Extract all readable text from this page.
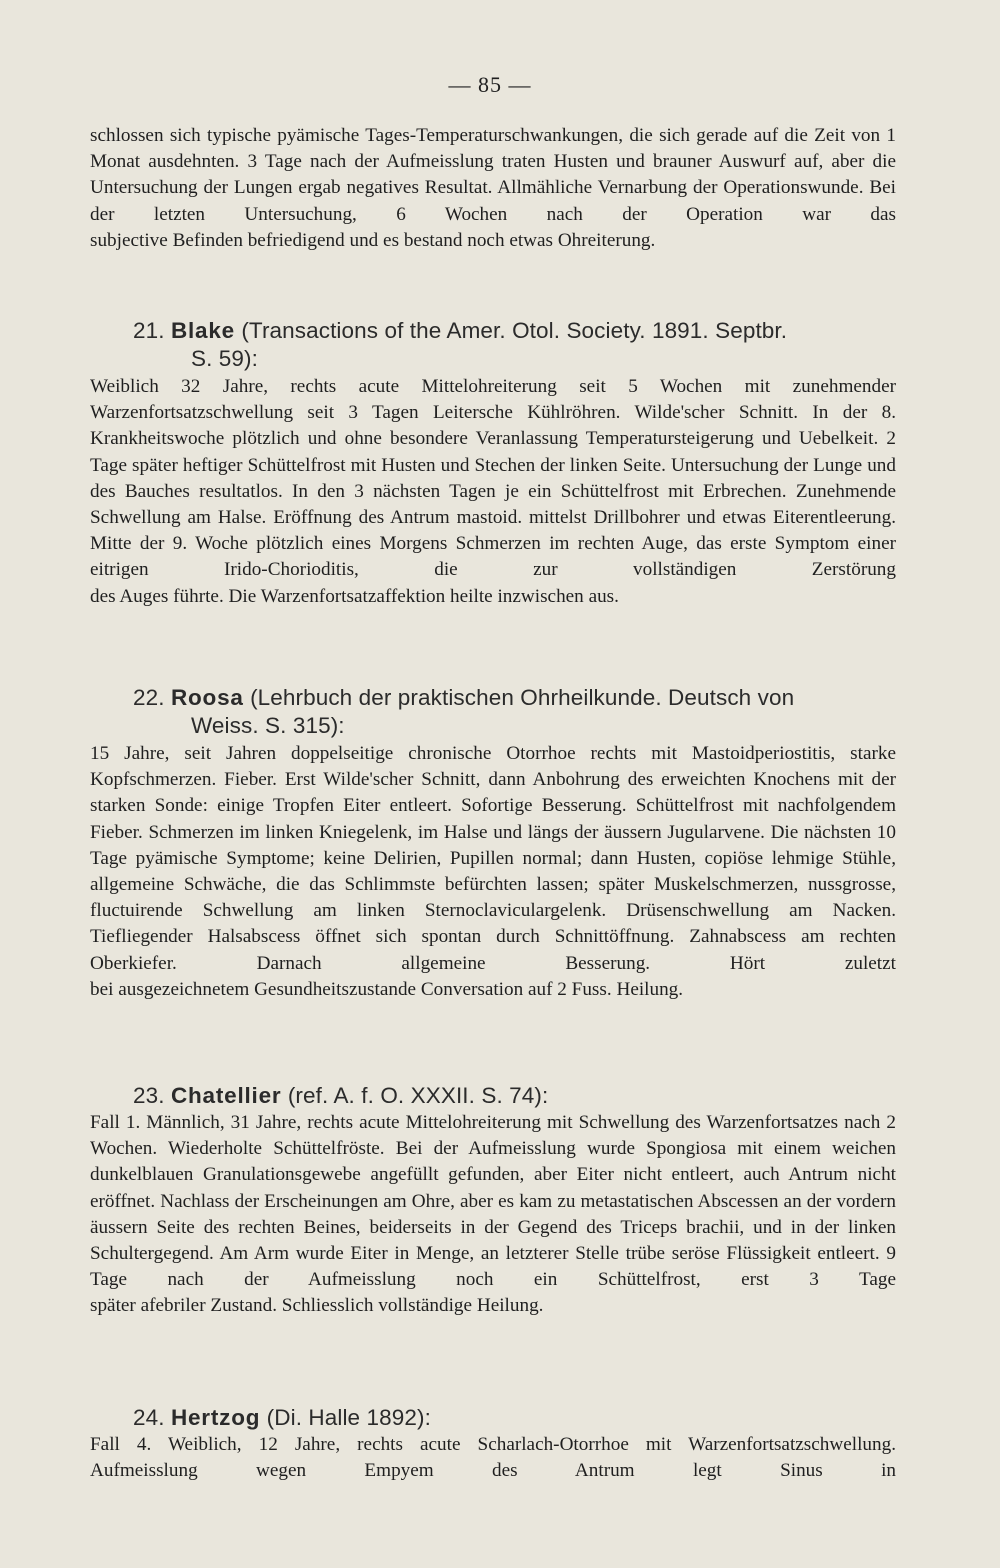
— 85 —
schlossen sich typische pyämische Tages-Temperaturschwankungen, die sich gerade auf die Zeit von 1 Monat ausdehnten. 3 Tage nach der Aufmeisslung traten Husten und brauner Auswurf auf, aber die Untersuchung der Lungen ergab negatives Resultat. Allmähliche Vernarbung der Operationswunde. Bei der letzten Untersuchung, 6 Wochen nach der Operation war das
subjective Befinden befriedigend und es bestand noch etwas Ohreiterung.
21. Blake (Transactions of the Amer. Otol. Society. 1891. Septbr.
S. 59):
Weiblich 32 Jahre, rechts acute Mittelohreiterung seit 5 Wochen mit zunehmender Warzenfortsatzschwellung seit 3 Tagen Leitersche Kühlröhren. Wilde'scher Schnitt. In der 8. Krankheitswoche plötzlich und ohne besondere Veranlassung Temperatursteigerung und Uebelkeit. 2 Tage später heftiger Schüttelfrost mit Husten und Stechen der linken Seite. Untersuchung der Lunge und des Bauches resultatlos. In den 3 nächsten Tagen je ein Schüttelfrost mit Erbrechen. Zunehmende Schwellung am Halse. Eröffnung des Antrum mastoid. mittelst Drillbohrer und etwas Eiterentleerung. Mitte der 9. Woche plötzlich eines Morgens Schmerzen im rechten Auge, das erste Symptom einer eitrigen Irido-Chorioditis, die zur vollständigen Zerstörung
des Auges führte. Die Warzenfortsatzaffektion heilte inzwischen aus.
22. Roosa (Lehrbuch der praktischen Ohrheilkunde. Deutsch von
Weiss. S. 315):
15 Jahre, seit Jahren doppelseitige chronische Otorrhoe rechts mit Mastoidperiostitis, starke Kopfschmerzen. Fieber. Erst Wilde'scher Schnitt, dann Anbohrung des erweichten Knochens mit der starken Sonde: einige Tropfen Eiter entleert. Sofortige Besserung. Schüttelfrost mit nachfolgendem Fieber. Schmerzen im linken Kniegelenk, im Halse und längs der äussern Jugularvene. Die nächsten 10 Tage pyämische Symptome; keine Delirien, Pupillen normal; dann Husten, copiöse lehmige Stühle, allgemeine Schwäche, die das Schlimmste befürchten lassen; später Muskelschmerzen, nussgrosse, fluctuirende Schwellung am linken Sternoclaviculargelenk. Drüsenschwellung am Nacken. Tiefliegender Halsabscess öffnet sich spontan durch Schnittöffnung. Zahnabscess am rechten Oberkiefer. Darnach allgemeine Besserung. Hört zuletzt
bei ausgezeichnetem Gesundheitszustande Conversation auf 2 Fuss. Heilung.
23. Chatellier (ref. A. f. O. XXXII. S. 74):
Fall 1. Männlich, 31 Jahre, rechts acute Mittelohreiterung mit Schwellung des Warzenfortsatzes nach 2 Wochen. Wiederholte Schüttelfröste. Bei der Aufmeisslung wurde Spongiosa mit einem weichen dunkelblauen Granulationsgewebe angefüllt gefunden, aber Eiter nicht entleert, auch Antrum nicht eröffnet. Nachlass der Erscheinungen am Ohre, aber es kam zu metastatischen Abscessen an der vordern äussern Seite des rechten Beines, beiderseits in der Gegend des Triceps brachii, und in der linken Schultergegend. Am Arm wurde Eiter in Menge, an letzterer Stelle trübe seröse Flüssigkeit entleert. 9 Tage nach der Aufmeisslung noch ein Schüttelfrost, erst 3 Tage
später afebriler Zustand. Schliesslich vollständige Heilung.
24. Hertzog (Di. Halle 1892):
Fall 4. Weiblich, 12 Jahre, rechts acute Scharlach-Otorrhoe mit Warzenfortsatzschwellung. Aufmeisslung wegen Empyem des Antrum legt Sinus in
